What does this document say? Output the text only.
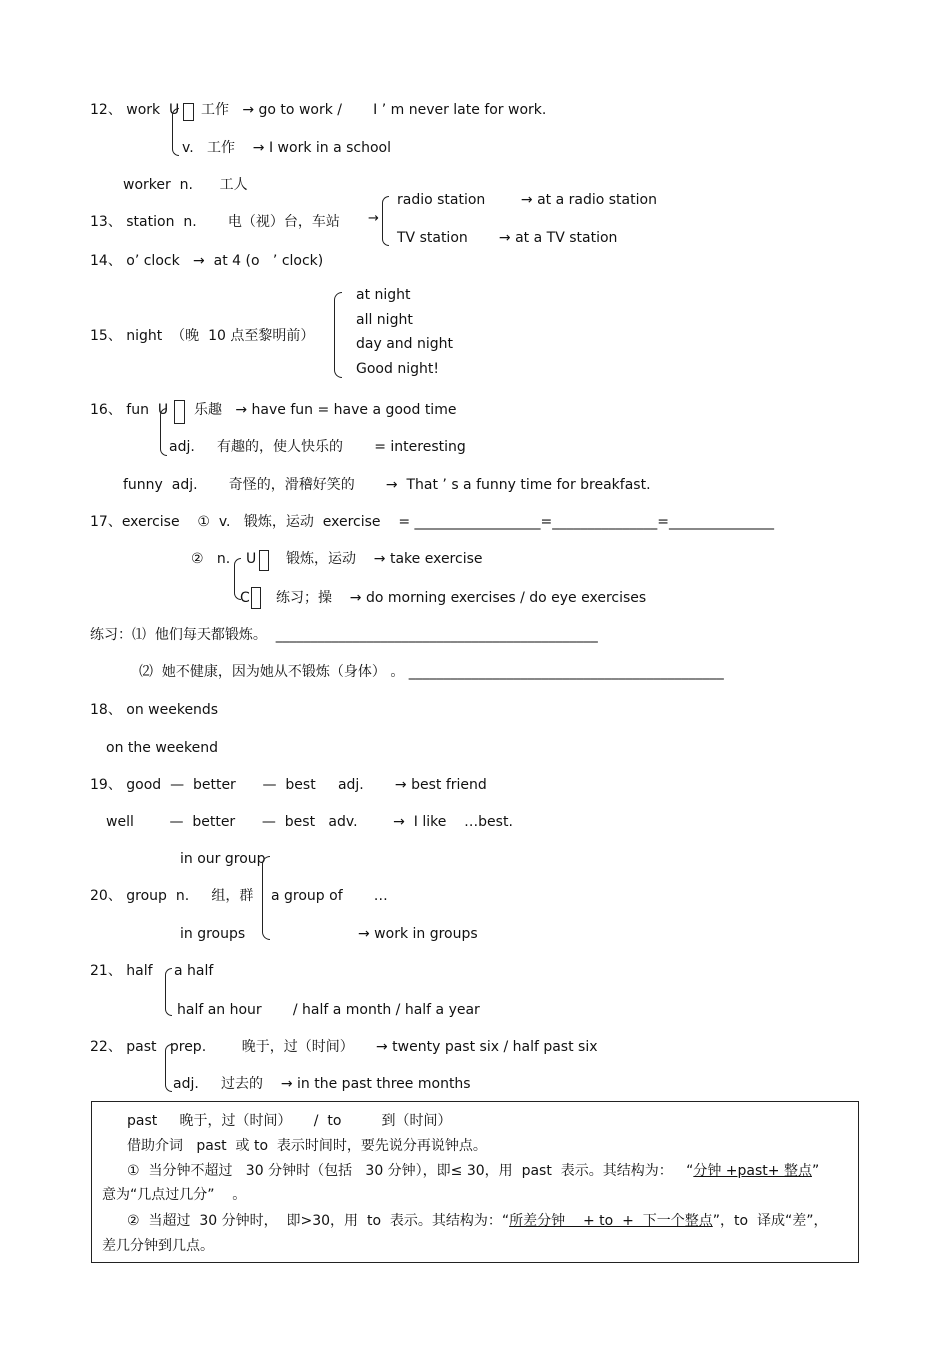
12、 work  U 工作   → go to work /       I ’ m never late for work.
v.   工作    → I work in a school
worker  n.      工人
radio station        → at a radio station
13、 station  n.       电（视）台，车站 →
TV station       → at a TV station
14、 o’ clock   →  at 4 (o   ’ clock)
at night
all night
15、 night  （晚  10 点至黎明前）	day and night
Good night!
16、 fun  U 乐趣   → have fun = have a good time
adj.     有趣的，使人快乐的       = interesting
funny  adj.       奇怪的，滑稽好笑的       →  That ’ s a funny time for breakfast.
17、exercise    ①  v.   锻炼，运动  exercise    = __________________=_______________=_______________
②   n. U 锻炼，运动    → take exercise
C 练习；操    → do morning exercises / do eye exercises
练习：⑴  他们每天都锻炼。  ______________________________________________
⑵  她不健康，因为她从不锻炼（身体） 。 _____________________________________________
18、 on weekends
on the weekend
19、 good  —  better      —  best     adj.       → best friend
well        —  better      —  best   adv.        →  I like    …best.
in our group
20、 group  n.     组，群 a group of       …
in groups	→ work in groups
21、 half a half
half an hour       / half a month / half a year
22、 past   prep.        晚于，过（时间）     → twenty past six / half past six
adj.     过去的    → in the past three months
past     晚于，过（时间）     /  to         到（时间）
借助介词   past  或 to  表示时间时，要先说分再说钟点。
①  当分钟不超过   30 分钟时（包括   30 分钟），即≤ 30，用  past  表示。其结构为：   “分钟 +past+ 整点”
意为“几点过几分”    。
②  当超过  30 分钟时，  即>30，用  to  表示。其结构为：“所差分钟    + to  +  下一个整点”，to  译成“差”，
差几分钟到几点。
